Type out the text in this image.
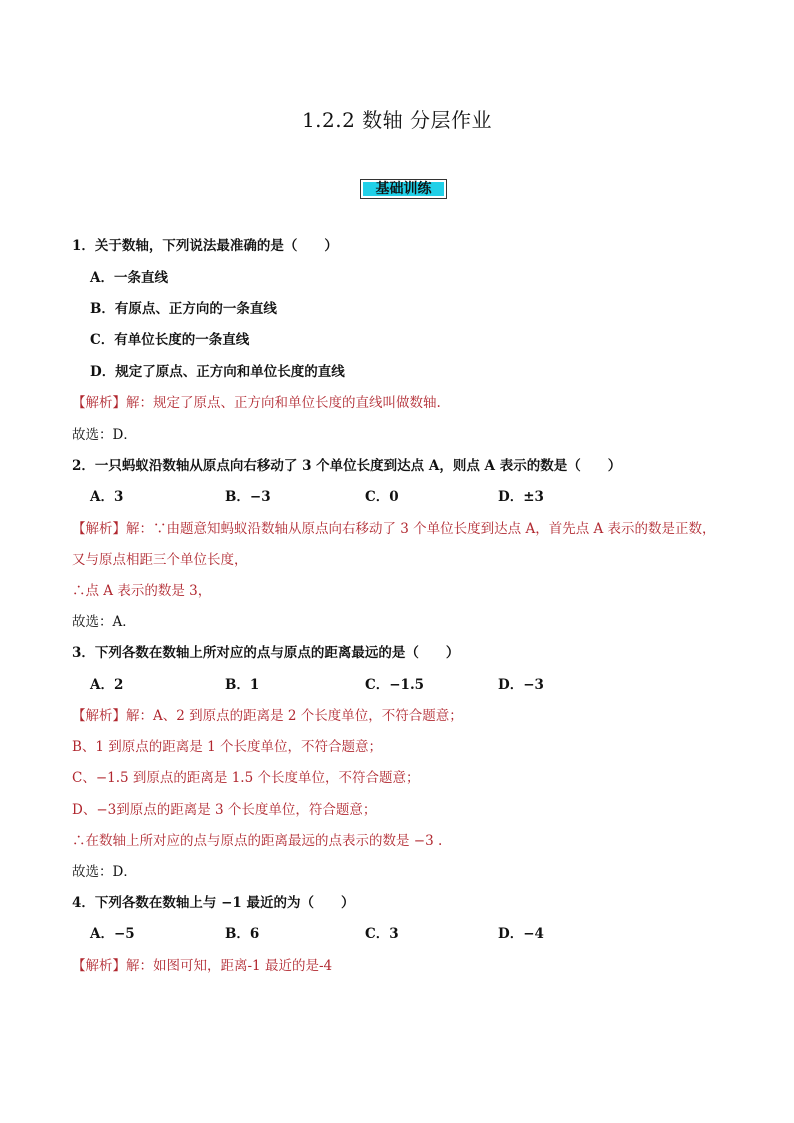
1.2.2 数轴 分层作业
基础训练
1．关于数轴，下列说法最准确的是（　　）
A．一条直线
B．有原点、正方向的一条直线
C．有单位长度的一条直线
D．规定了原点、正方向和单位长度的直线
【解析】解：规定了原点、正方向和单位长度的直线叫做数轴.
故选：D．
2．一只蚂蚁沿数轴从原点向右移动了 3 个单位长度到达点 A，则点 A 表示的数是（　　）
A．3	B．−3	C．0	D．±3
【解析】解：∵由题意知蚂蚁沿数轴从原点向右移动了 3 个单位长度到达点 A，首先点 A 表示的数是正数，
又与原点相距三个单位长度，
∴点 A 表示的数是 3，
故选：A．
3．下列各数在数轴上所对应的点与原点的距离最远的是（　　）
A．2	B．1	C．−1.5	D．−3
【解析】解：A、2 到原点的距离是 2 个长度单位，不符合题意；
B、1 到原点的距离是 1 个长度单位，不符合题意；
C、−1.5 到原点的距离是 1.5 个长度单位，不符合题意；
D、−3到原点的距离是 3 个长度单位，符合题意；
∴在数轴上所对应的点与原点的距离最远的点表示的数是 −3 .
故选：D．
4．下列各数在数轴上与 −1 最近的为（　　）
A．−5	B．6	C．3	D．−4
【解析】解：如图可知，距离-1 最近的是-4
